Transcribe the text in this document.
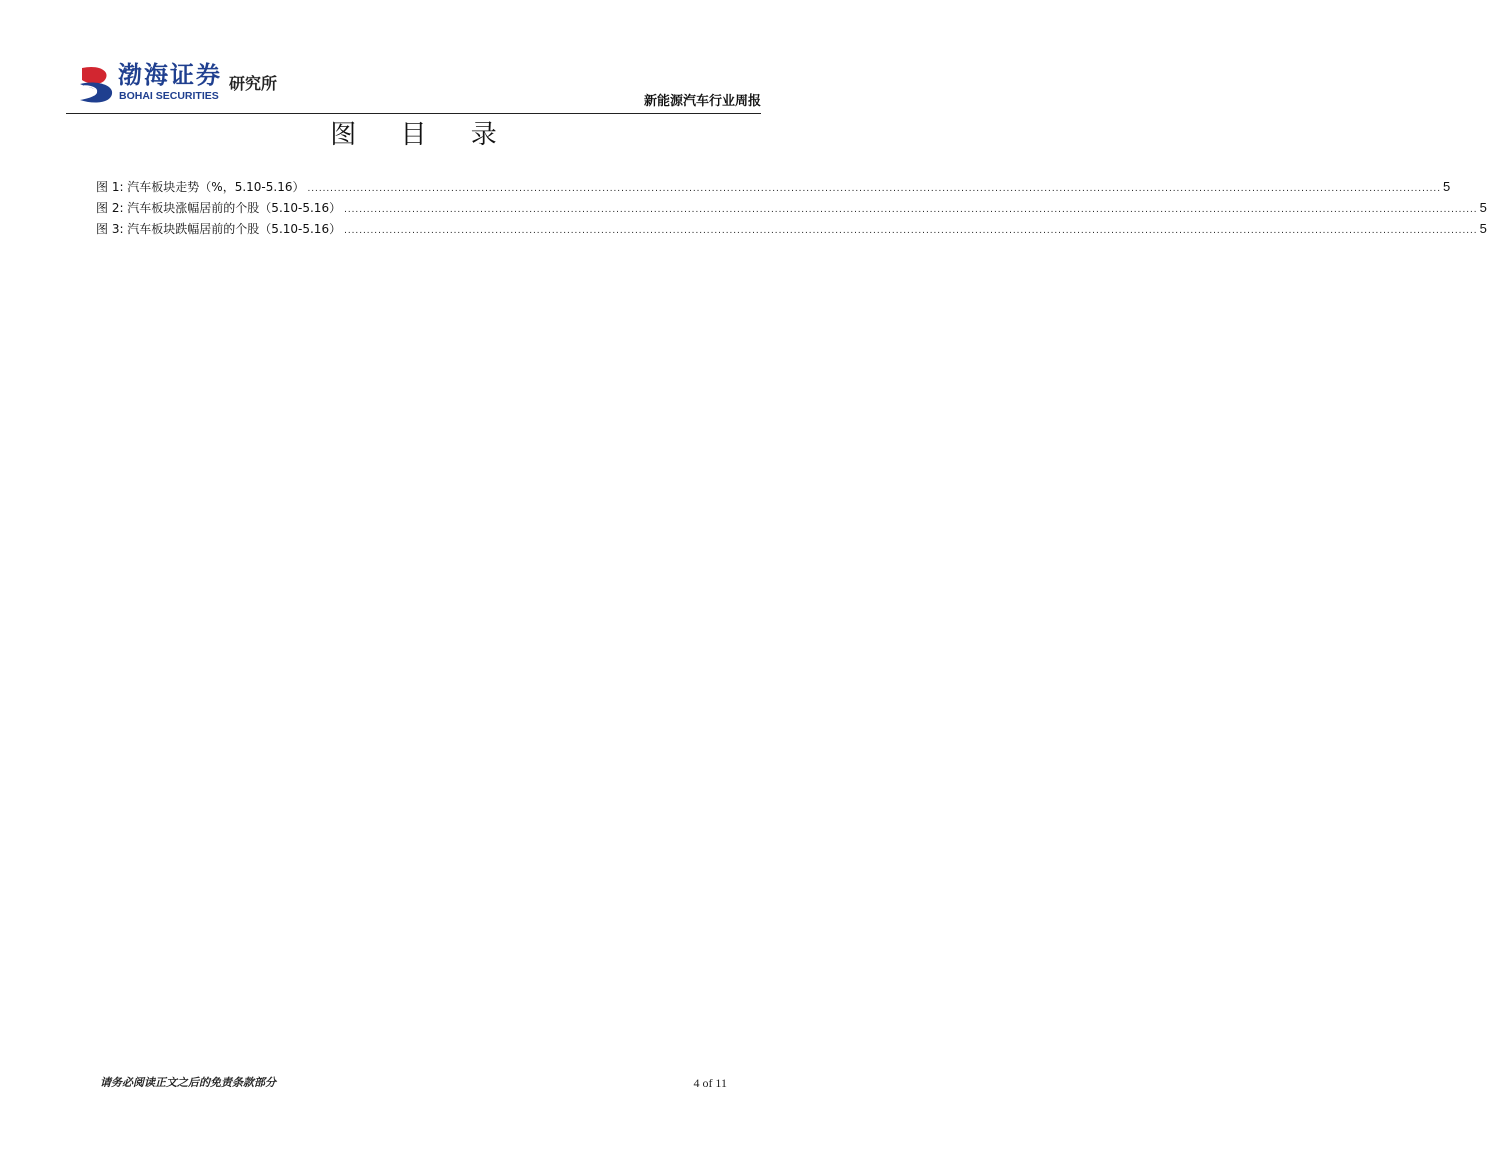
渤海证券
BOHAI SECURITIES
研究所
新能源汽车行业周报
图 目 录
图 1: 汽车板块走势（%，5.10-5.16） ............................................................................................................................................................................................................................................................................................................ 5
图 2: 汽车板块涨幅居前的个股（5.10-5.16） ............................................................................................................................................................................................................................................................................................................ 5
图 3: 汽车板块跌幅居前的个股（5.10-5.16） ............................................................................................................................................................................................................................................................................................................ 5
请务必阅读正文之后的免责条款部分	4 of 11
